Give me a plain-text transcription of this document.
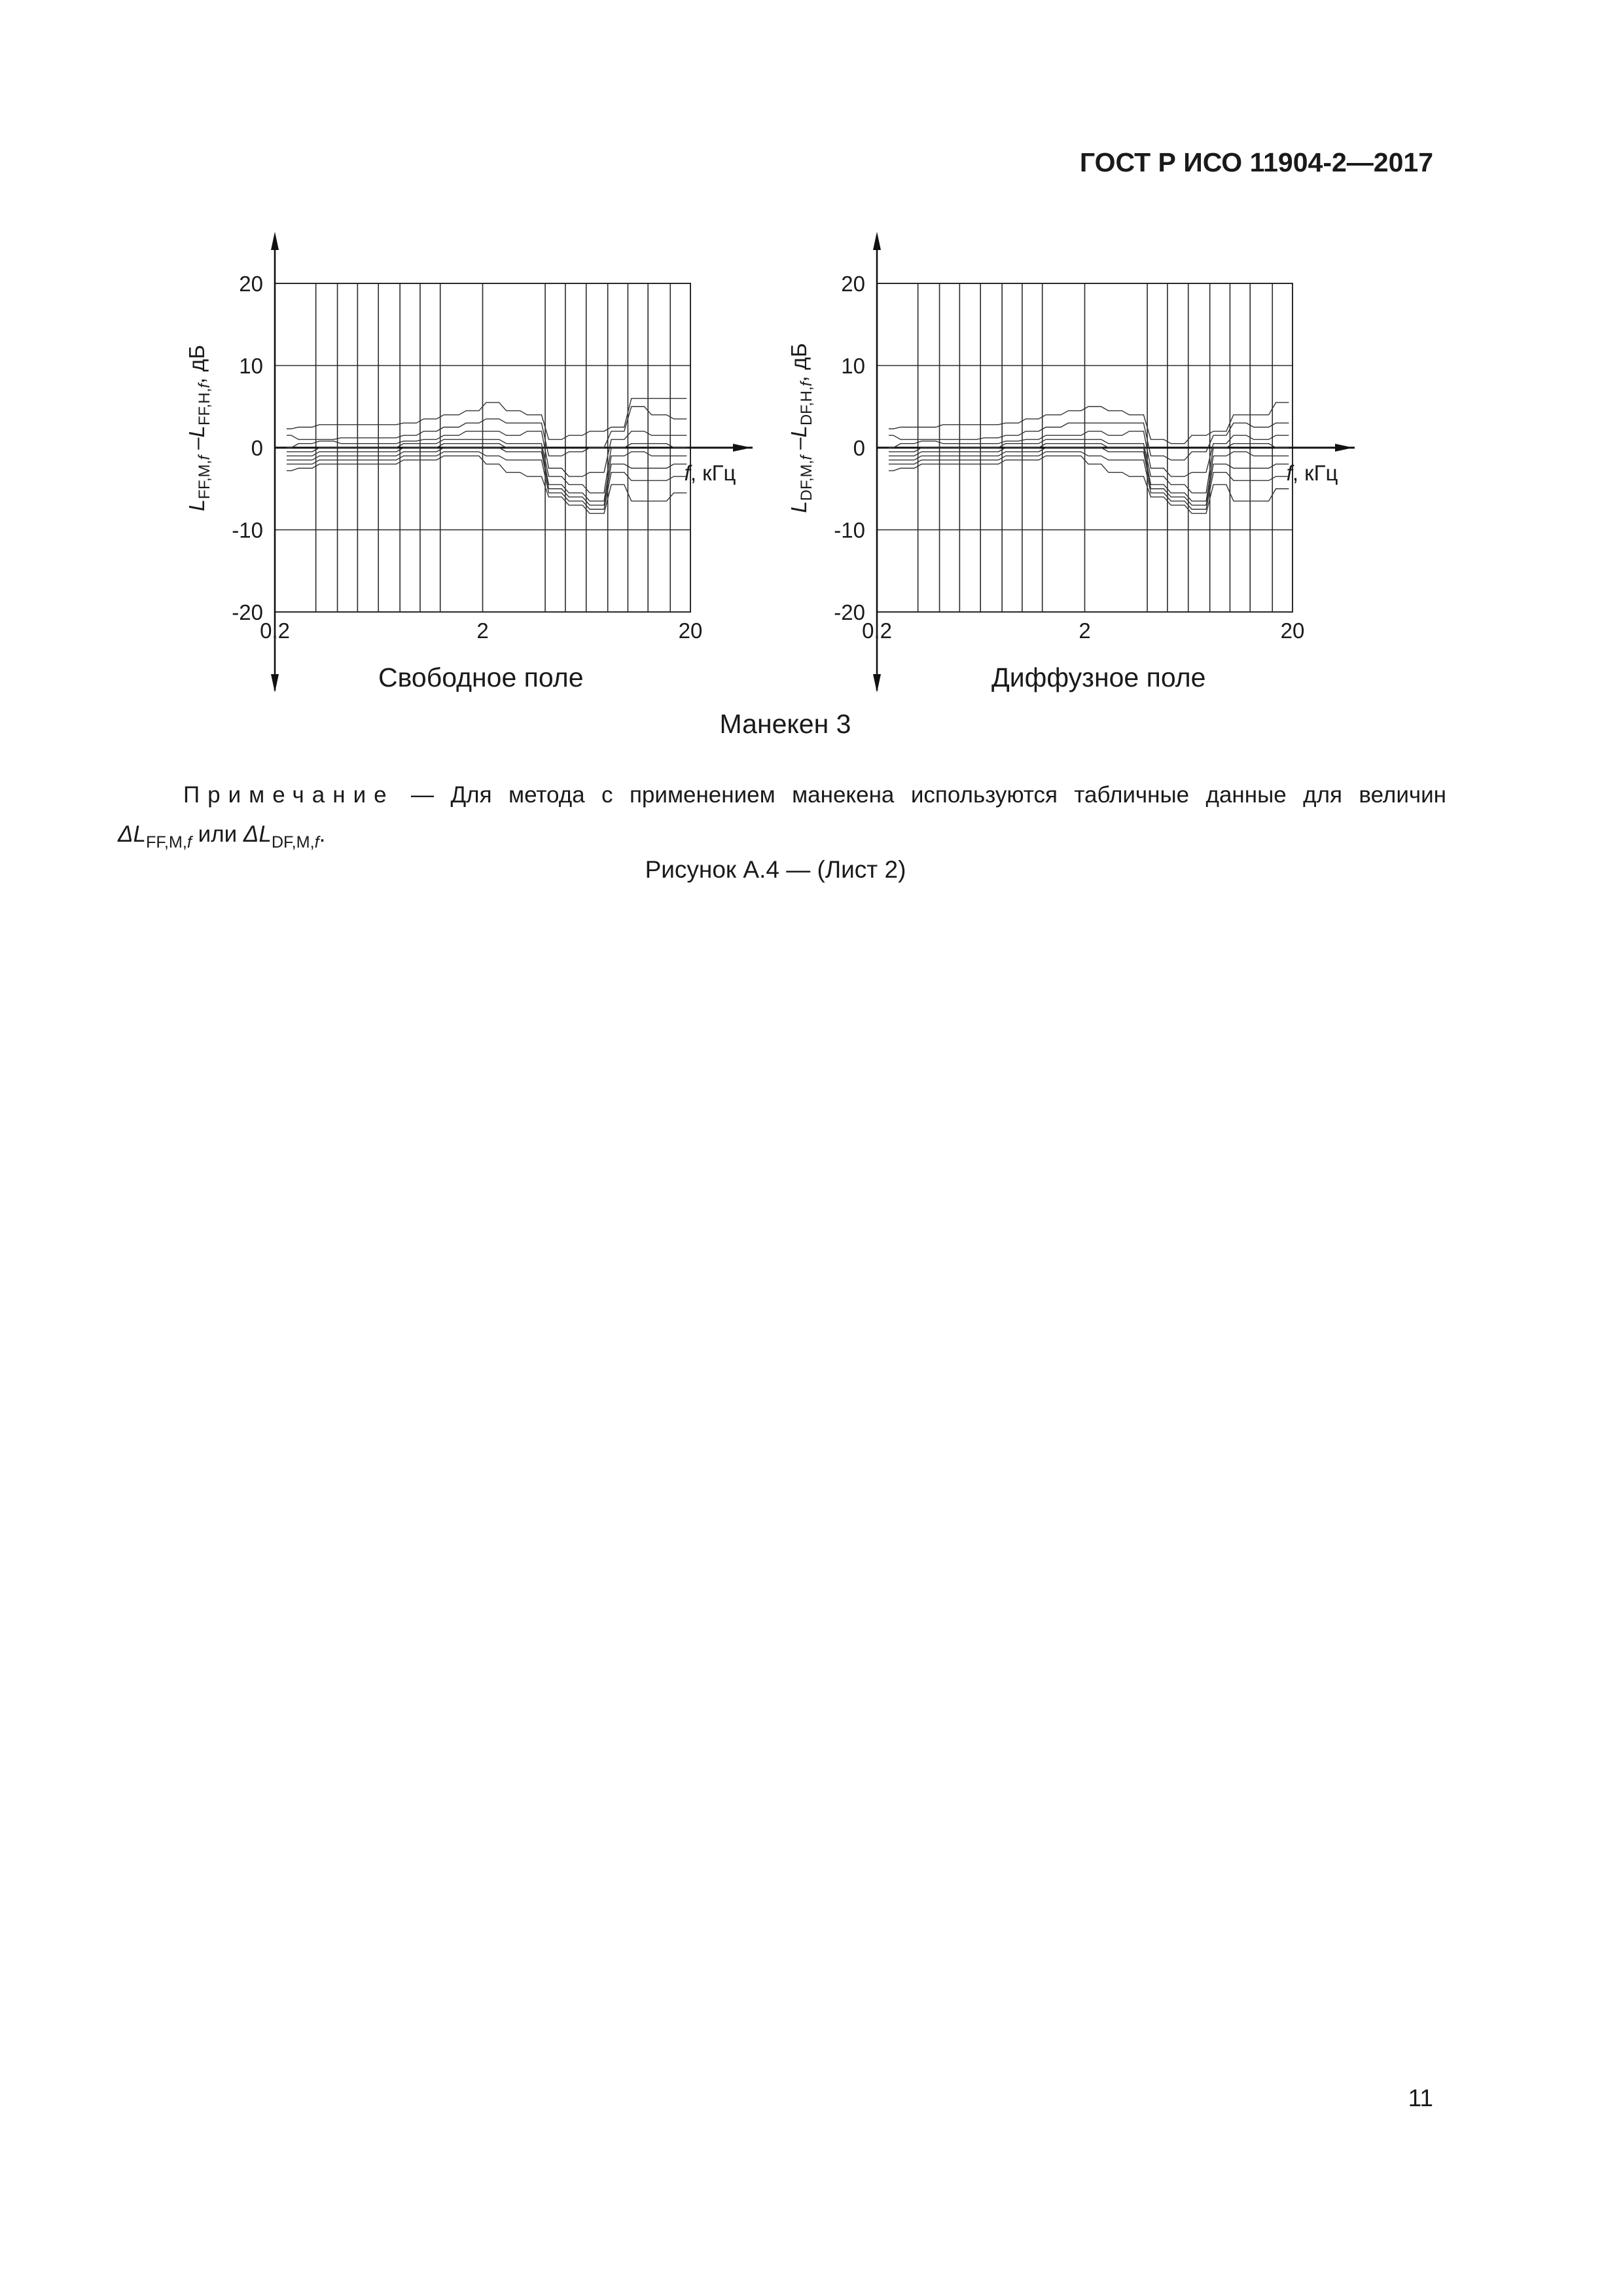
ГОСТ Р ИСО 11904-2—2017
20
10
0
-10
-20
0,2	2	20
f, кГц
$L_{FF,M,}f$ $-L_{FF,H,}f$, дБ
Свободное поле
20
10
0
-10
-20
0,2	2	20
f, кГц
$L_{DF,M,}f$ $-L_{DF,H,}f$, дБ
Диффузное поле
Манекен 3
Примечание — Для метода с применением манекена используются табличные данные для величин
$\Delta L_{FF,M,f}$ или $\Delta L_{DF,M,f}$.
Рисунок А.4 — (Лист 2)
11
